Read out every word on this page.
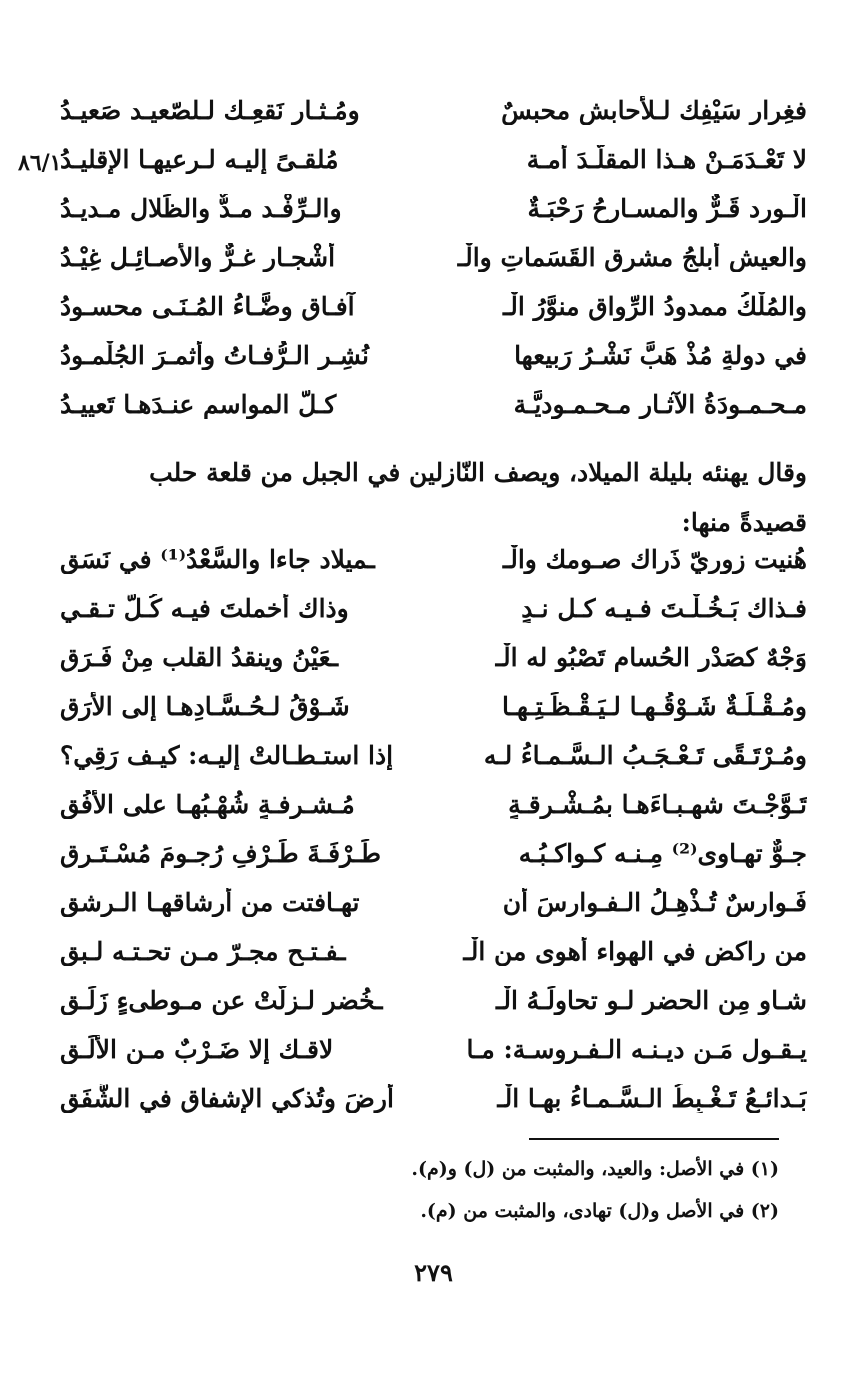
٨٦/١
فغِرار سَيْفِك لـلأحابشِ محبسٌ
ومُـثـار نَقعِـك لـلصّعيـد صَعيـدُ
لا تَعْـدَمَـنْ هـذا المقلّـدَ أمـة
مُلقـىً إليـه لـرعيهـا الإقليـدُ
الْـورد قَـرٌّ والمسـارحُ رَحْبَـةٌ
والـرِّفْـد مـدٌّ والظِّلال مـديـدُ
والعيش أبلجُ مشرق القَسَماتِ والْـ
أشْجـار غـرٌّ والأصـائِـل غِيْـدُ
والمُلْكُ ممدودُ الرِّواق منوَّرُ الْـ
آفـاق وضَّـاءُ المُـنَـى محسـودُ
في دولةٍ مُذْ هَبَّ نَشْـرُ رَبيعها
نُشِـر الـرُّفـاتُ وأثمـرَ الجُلْمـودُ
مـحـمـودَةُ الآثـارِ مـحـمـوديَّـة
كـلُّ المواسمِ عنـدَهـا تَعييـدُ
وقال يهنئه بليلة الميلاد، ويصف النّازلين في الجبل من قلعة حلب
قصيدةً منها:
هُنيت زوريّ ذَراك صـومك والْـ
ـميلاد جاءا والسَّعْدُ⁽¹⁾ في نَسَقِ
فـذاك بَـخُـلْـتَ فـيـه كـل نـدٍ
وذاك أخملتَ فيـه كُـلَّ تـقـي
وَجْهٌ كصَدْرِ الحُسامِ تَصْبُو له الْـ
ـعَيْنُ وينقدُ القلب مِنْ فَـرَقِ
ومُـقْـلَـةٌ شَـوْقُـهـا لـيَـقْـظَـتِـهـا
شَـوْقُ لـحُـسَّـادِهـا إلى الأَرَقِ
ومُـرْتَـقًى تَـعْـجَـبُ الـسَّـمـاءُ لـه
إذا استـطـالتْ إليـه: كيـف رَقِي؟
تَـوَّجْـتَ شهـبـاءَهـا بمُـشْـرِقـةٍ
مُـشـرفـةٍ شُهْـبُهـا على الأُفُقِ
جـوٌّ تهـاوى⁽²⁾ مِـنـه كـواكـبُـه
طَـرْفَـةَ طَـرْفِ رُجـومَ مُسْـتَـرِقِ
فَـوارسٌ تُـذْهِـلُ الـفـوارسَ أن
تهـافتت من أرشاقهـا الـرشق
من راكضٍ في الهواء أهوى من الْـ
ـفـتـح مجـرّ مـن تحـتـه لـبق
شـاوٍ مِن الحضر لـو تحاولَـهُ الْـ
ـخُضر لـزلّتْ عن مـوطىءٍ زَلَـقِ
يـقـول مَـن ديـنـه الـفـروسـة: مـا
لاقـك إلا ضَـرْبٌ مـن الأَلَـقِ
بَـدائـعُ تَـغْـبِطُ الـسَّـمـاءُ بهـا الْـ
أرضَ وتُذكي الإشفاق في الشَّفَقِ
(١) في الأصل: والعيد، والمثبت من (ل) و(م).
(٢) في الأصل و(ل) تهادى، والمثبت من (م).
٢٧٩
